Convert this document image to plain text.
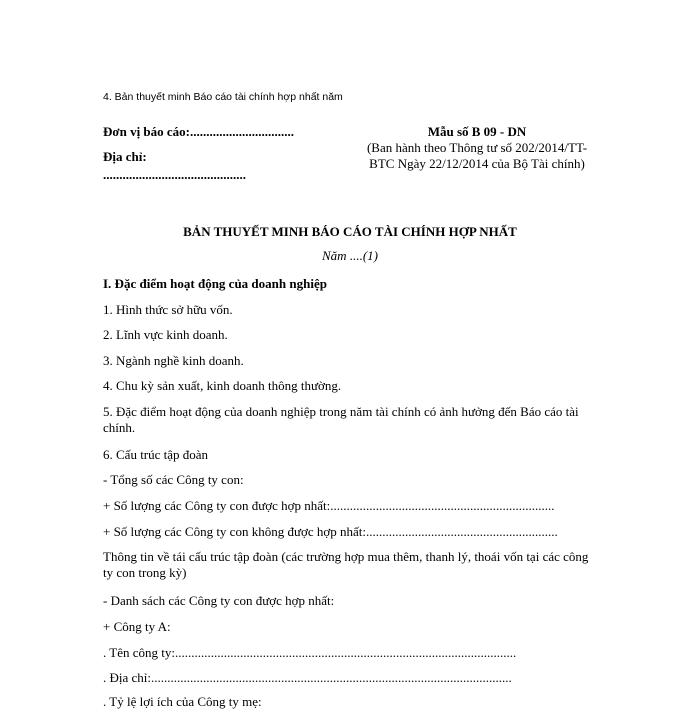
4. Bản thuyết minh Báo cáo tài chính hợp nhất năm
Đơn vị báo cáo:................................
Địa chỉ:
............................................
Mẫu số B 09 - DN
(Ban hành theo Thông tư số 202/2014/TT-
BTC Ngày 22/12/2014 của Bộ Tài chính)
BẢN THUYẾT MINH BÁO CÁO TÀI CHÍNH HỢP NHẤT
Năm ....(1)
I. Đặc điểm hoạt động của doanh nghiệp
1. Hình thức sở hữu vốn.
2. Lĩnh vực kinh doanh.
3. Ngành nghề kinh doanh.
4. Chu kỳ sản xuất, kinh doanh thông thường.
5. Đặc điểm hoạt động của doanh nghiệp trong năm tài chính có ảnh hưởng đến Báo cáo tài chính.
6. Cấu trúc tập đoàn
- Tổng số các Công ty con:
+ Số lượng các Công ty con được hợp nhất:.....................................................................
+ Số lượng các Công ty con không được hợp nhất:...........................................................
Thông tin về tái cấu trúc tập đoàn (các trường hợp mua thêm, thanh lý, thoái vốn tại các công ty con trong kỳ)
- Danh sách các Công ty con được hợp nhất:
+ Công ty A:
. Tên công ty:.........................................................................................................
. Địa chỉ:...............................................................................................................
. Tỷ lệ lợi ích của Công ty mẹ:
